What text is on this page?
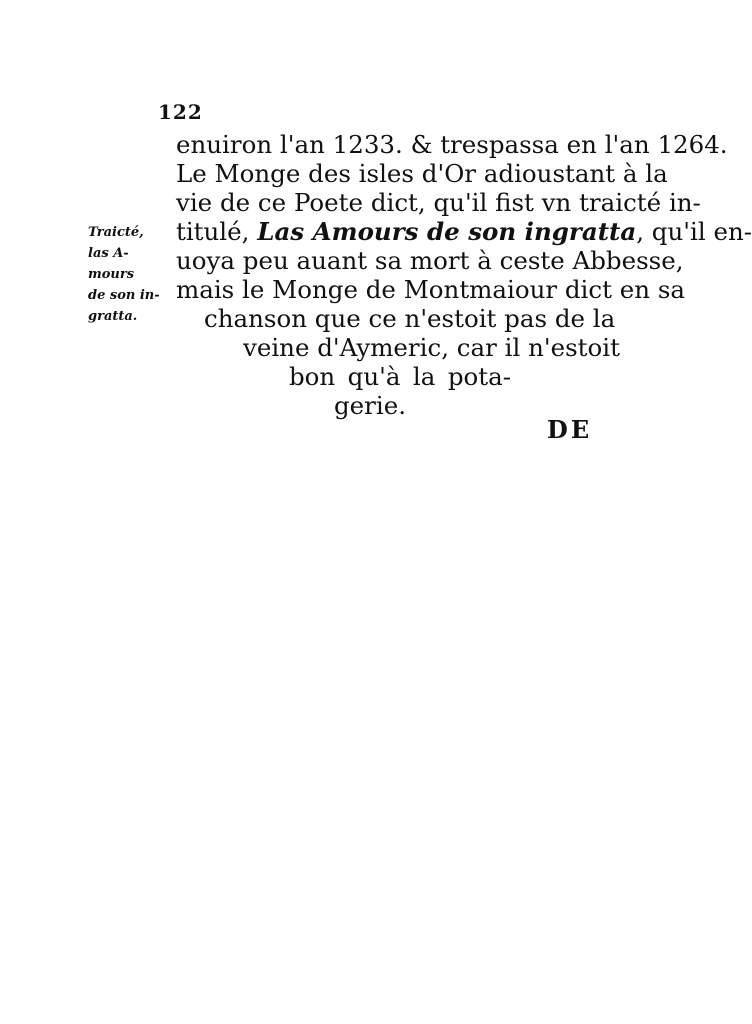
122
enuiron l'an 1233. & trespassa en l'an 1264.
Le Monge des isles d'Or adioustant à la
vie de ce Poete dict, qu'il fist vn traicté in-
titulé, Las Amours de son ingratta, qu'il en-
uoya peu auant sa mort à ceste Abbesse,
mais le Monge de Montmaiour dict en sa
chanson que ce n'estoit pas de la
veine d'Aymeric, car il n'estoit
bon qu'à la pota-
gerie.
Traicté,
las A-
mours
de son in-
gratta.
DE
